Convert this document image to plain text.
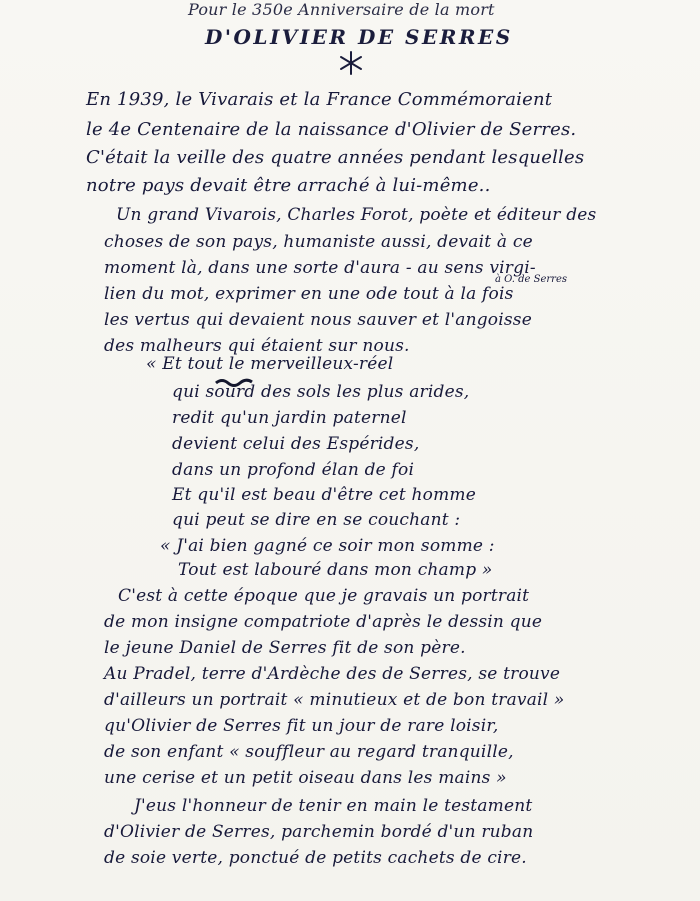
Pour le 350e Anniversaire de la mort
D'OLIVIER DE SERRES
En 1939, le Vivarais et la France Commémoraient
le 4e Centenaire de la naissance d'Olivier de Serres.
C'était la veille des quatre années pendant lesquelles
notre pays devait être arraché à lui-même..
Un grand Vivarois, Charles Forot, poète et éditeur des
choses de son pays, humaniste aussi, devait à ce
moment là, dans une sorte d'aura - au sens virgi-
à O. de Serres
lien du mot, exprimer en une ode tout à la fois
les vertus qui devaient nous sauver et l'angoisse
des malheurs qui étaient sur nous.
« Et tout le merveilleux-réel
qui sourd des sols les plus arides,
redit qu'un jardin paternel
devient celui des Espérides,
dans un profond élan de foi
Et qu'il est beau d'être cet homme
qui peut se dire en se couchant :
« J'ai bien gagné ce soir mon somme :
Tout est labouré dans mon champ »
C'est à cette époque que je gravais un portrait
de mon insigne compatriote d'après le dessin que
le jeune Daniel de Serres fit de son père.
Au Pradel, terre d'Ardèche des de Serres, se trouve
d'ailleurs un portrait « minutieux et de bon travail »
qu'Olivier de Serres fit un jour de rare loisir,
de son enfant « souffleur au regard tranquille,
une cerise et un petit oiseau dans les mains »
J'eus l'honneur de tenir en main le testament
d'Olivier de Serres, parchemin bordé d'un ruban
de soie verte, ponctué de petits cachets de cire.
